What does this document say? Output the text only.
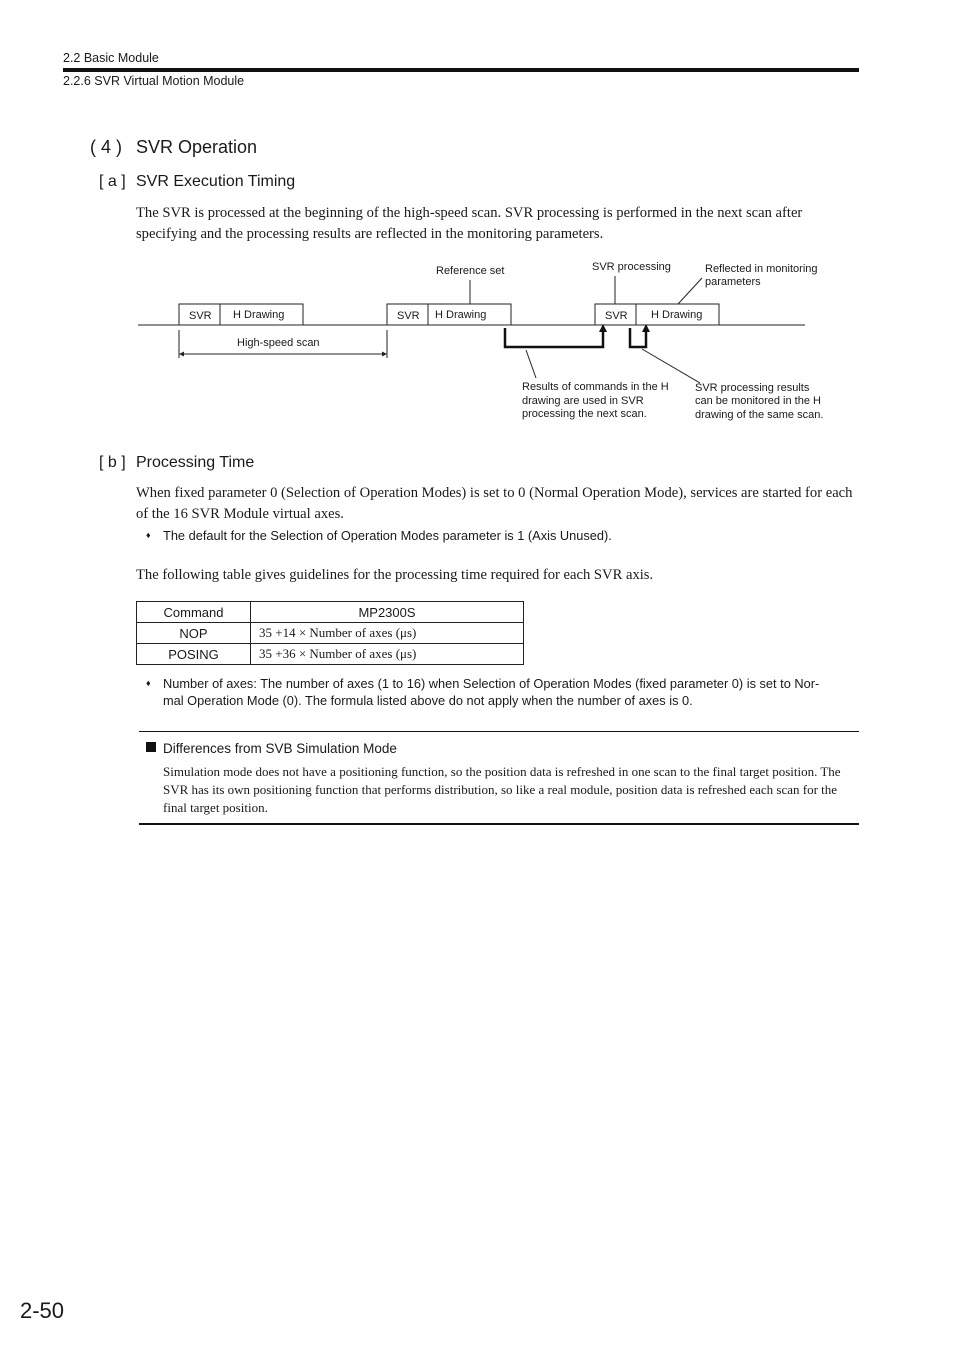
2.2 Basic Module
2.2.6 SVR Virtual Motion Module
( 4 ) SVR Operation
[ a ] SVR Execution Timing
The SVR is processed at the beginning of the high-speed scan. SVR processing is performed in the next scan after specifying and the processing results are reflected in the monitoring parameters.
SVR H Drawing	SVR H Drawing	SVR H Drawing
High-speed scan
Reference set	SVR processing	Reflected in monitoring
parameters
Results of commands in the H
drawing are used in SVR
processing the next scan.
SVR processing results
can be monitored in the H
drawing of the same scan.
[ b ] Processing Time
When fixed parameter 0 (Selection of Operation Modes) is set to 0 (Normal Operation Mode), services are started for each of the 16 SVR Module virtual axes.
♦ The default for the Selection of Operation Modes parameter is 1 (Axis Unused).
The following table gives guidelines for the processing time required for each SVR axis.
Command	MP2300S
NOP	35 +14 × Number of axes (μs)
POSING	35 +36 × Number of axes (μs)
♦ Number of axes: The number of axes (1 to 16) when Selection of Operation Modes (fixed parameter 0) is set to Nor-
mal Operation Mode (0). The formula listed above do not apply when the number of axes is 0.
Differences from SVB Simulation Mode
Simulation mode does not have a positioning function, so the position data is refreshed in one scan to the final target position. The SVR has its own positioning function that performs distribution, so like a real module, position data is refreshed each scan for the final target position.
2-50
